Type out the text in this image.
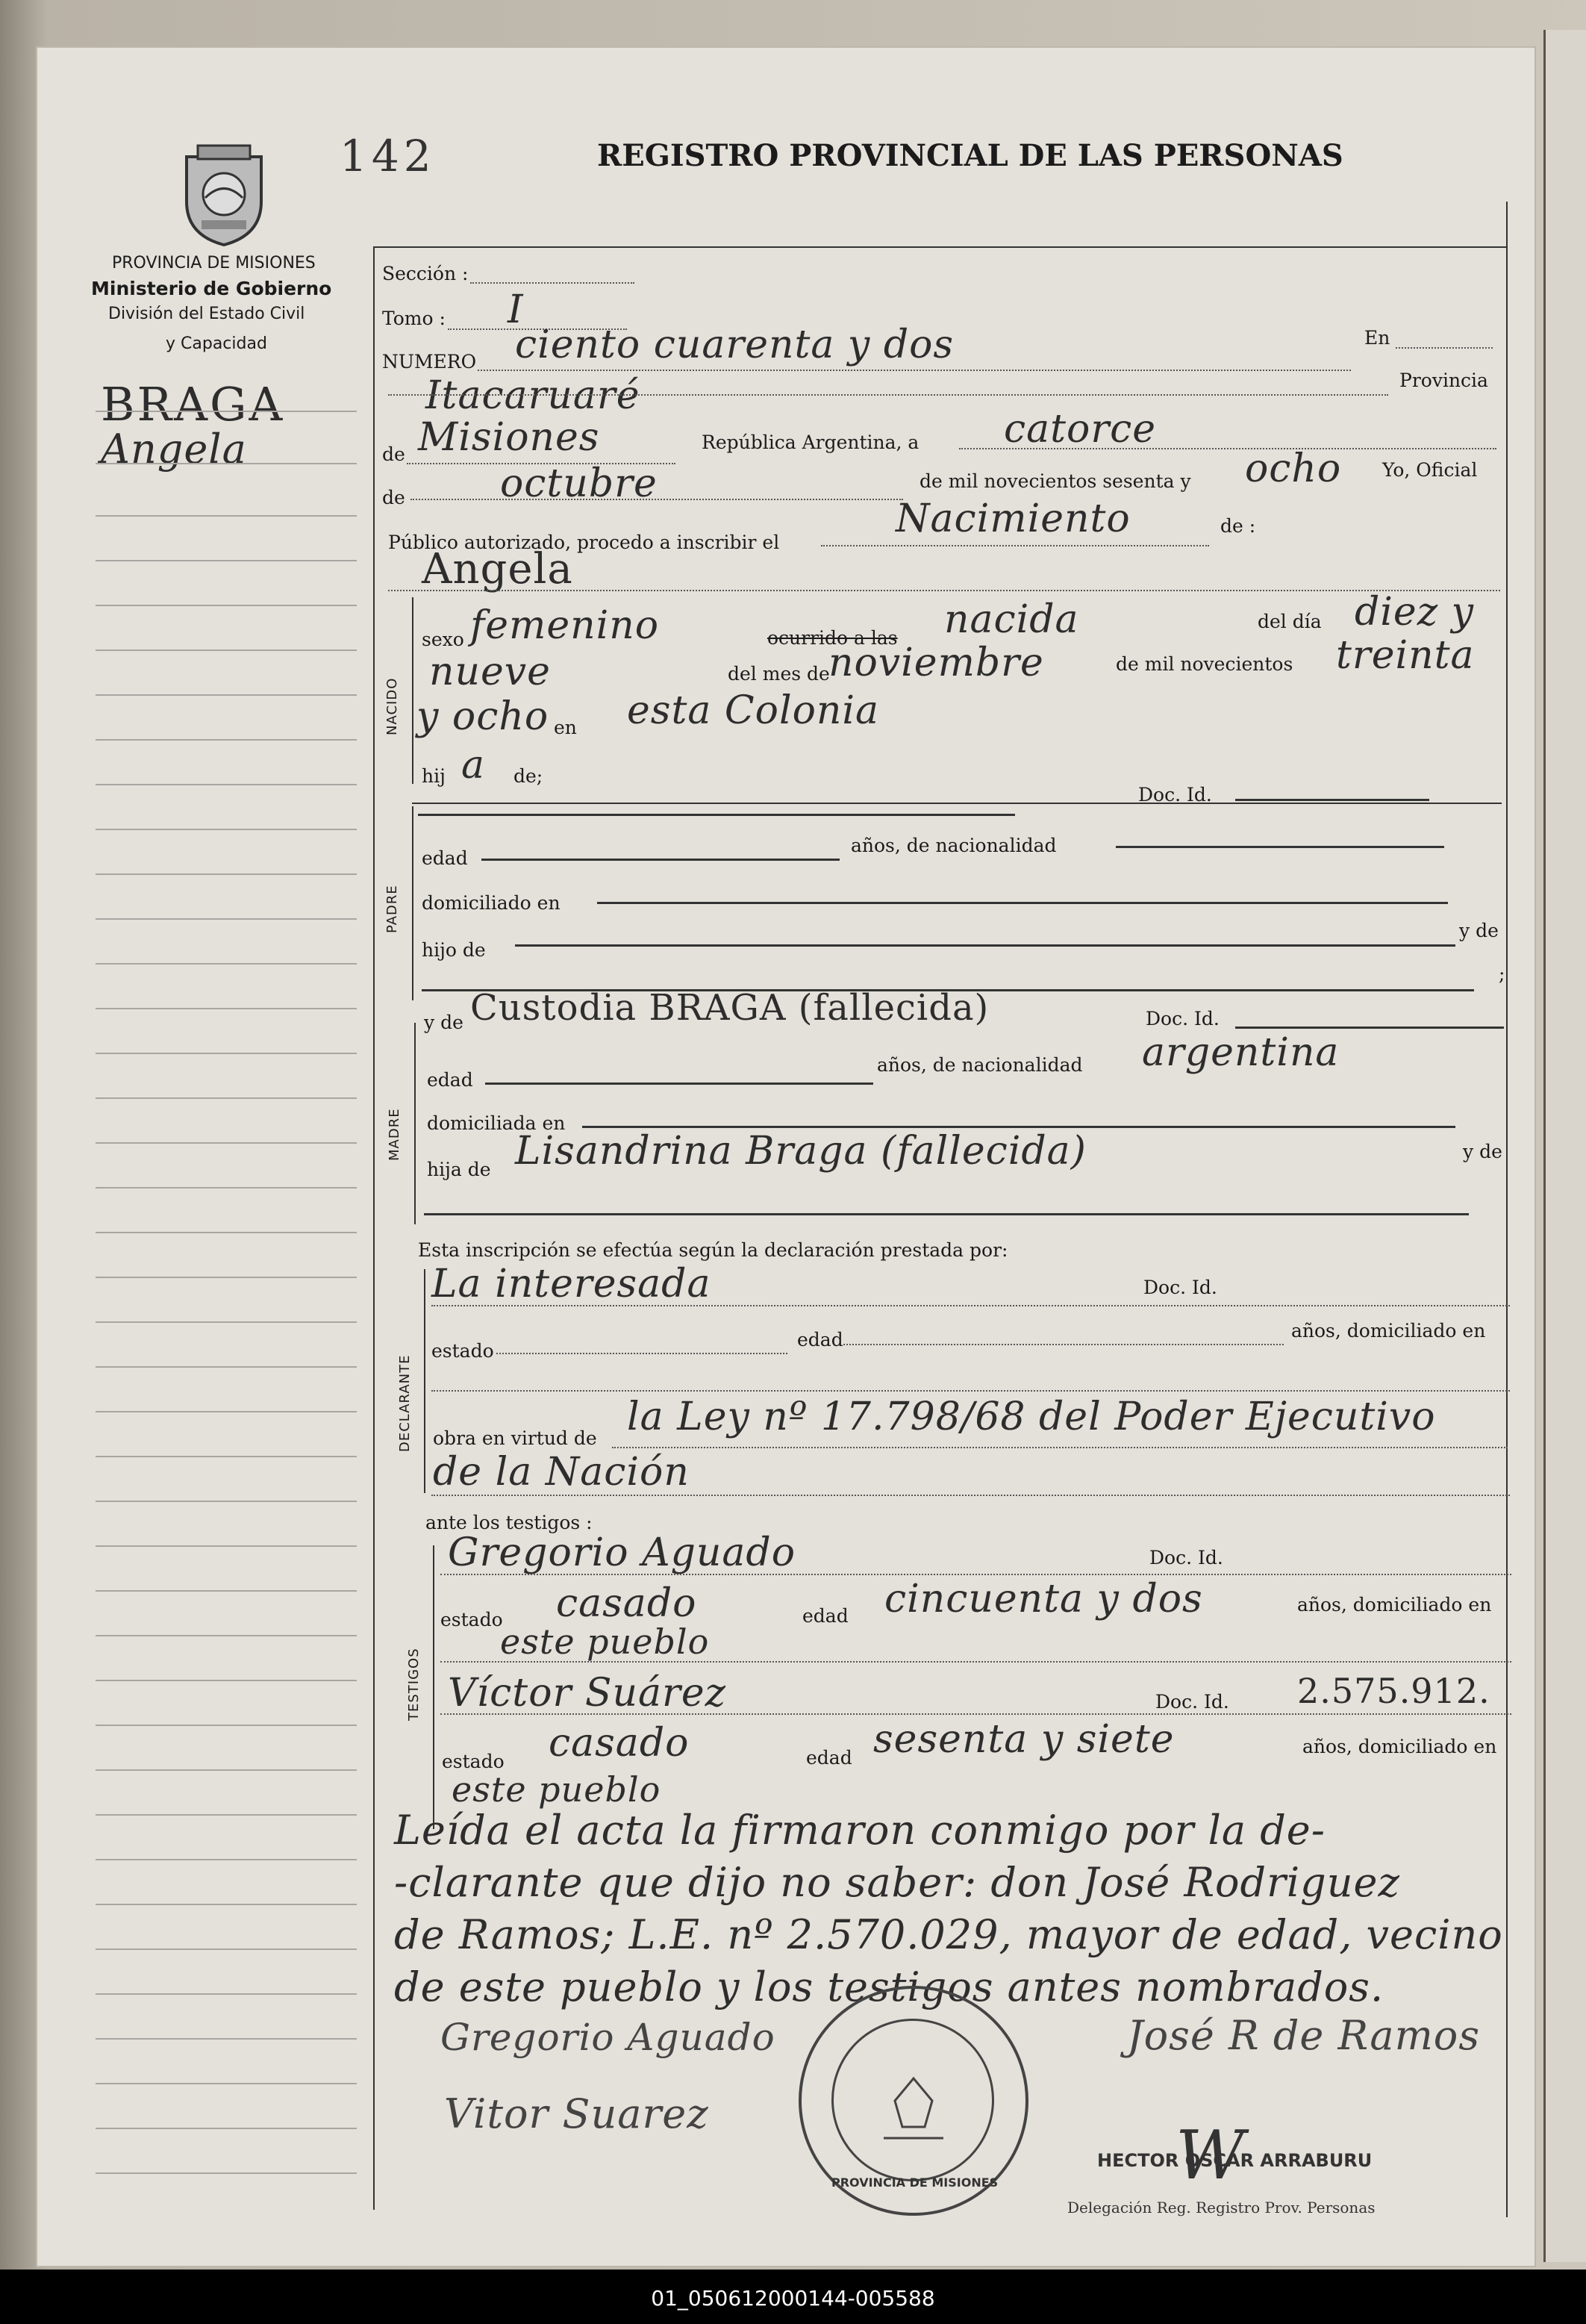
142	REGISTRO PROVINCIAL DE LAS PERSONAS
PROVINCIA DE MISIONES
Ministerio de Gobierno
División del Estado Civil
y Capacidad
BRAGA
Angela
Sección :
Tomo : I
NUMERO ciento cuarenta y dos	En
Itacaruaré	Provincia
de Misiones	República Argentina, a catorce
de octubre	de mil novecientos sesenta y ocho Yo, Oficial
Público autorizado, procedo a inscribir el
Nacimiento	de :
Angela
NACIDO
sexo femenino	ocurrido a las nacida	del día diez y
nueve	del mes de
noviembre	de mil novecientos treinta
y ocho en esta Colonia
hij a de;
PADRE
Doc. Id.
edad
años, de nacionalidad
domiciliado en
hijo de
y de
;
MADRE
y de Custodia BRAGA (fallecida)	Doc. Id.
edad
años, de nacionalidad argentina
domiciliada en
hija de Lisandrina Braga (fallecida)	y de
Esta inscripción se efectúa según la declaración prestada por:
DECLARANTE
La interesada	Doc. Id.
estado
edad	años, domiciliado en
obra en virtud de la Ley nº 17.798/68 del Poder Ejecutivo
de la Nación
ante los testigos :
TESTIGOS
Gregorio Aguado	Doc. Id.
estado casado	edad cincuenta y dos	años, domiciliado en
este pueblo
Víctor Suárez	Doc. Id. 2.575.912.
estado casado	edad sesenta y siete	años, domiciliado en
este pueblo
Leída el acta la firmaron conmigo por la de-
-clarante que dijo no saber: don José Rodriguez
de Ramos; L.E. nº 2.570.029, mayor de edad, vecino
de este pueblo y los testigos antes nombrados.
Gregorio Aguado	José R de Ramos
Vitor Suarez
PROVINCIA DE MISIONES
HECTOR OSCAR ARRABURU
Delegación Reg. Registro Prov. Personas
W
01_050612000144-005588
